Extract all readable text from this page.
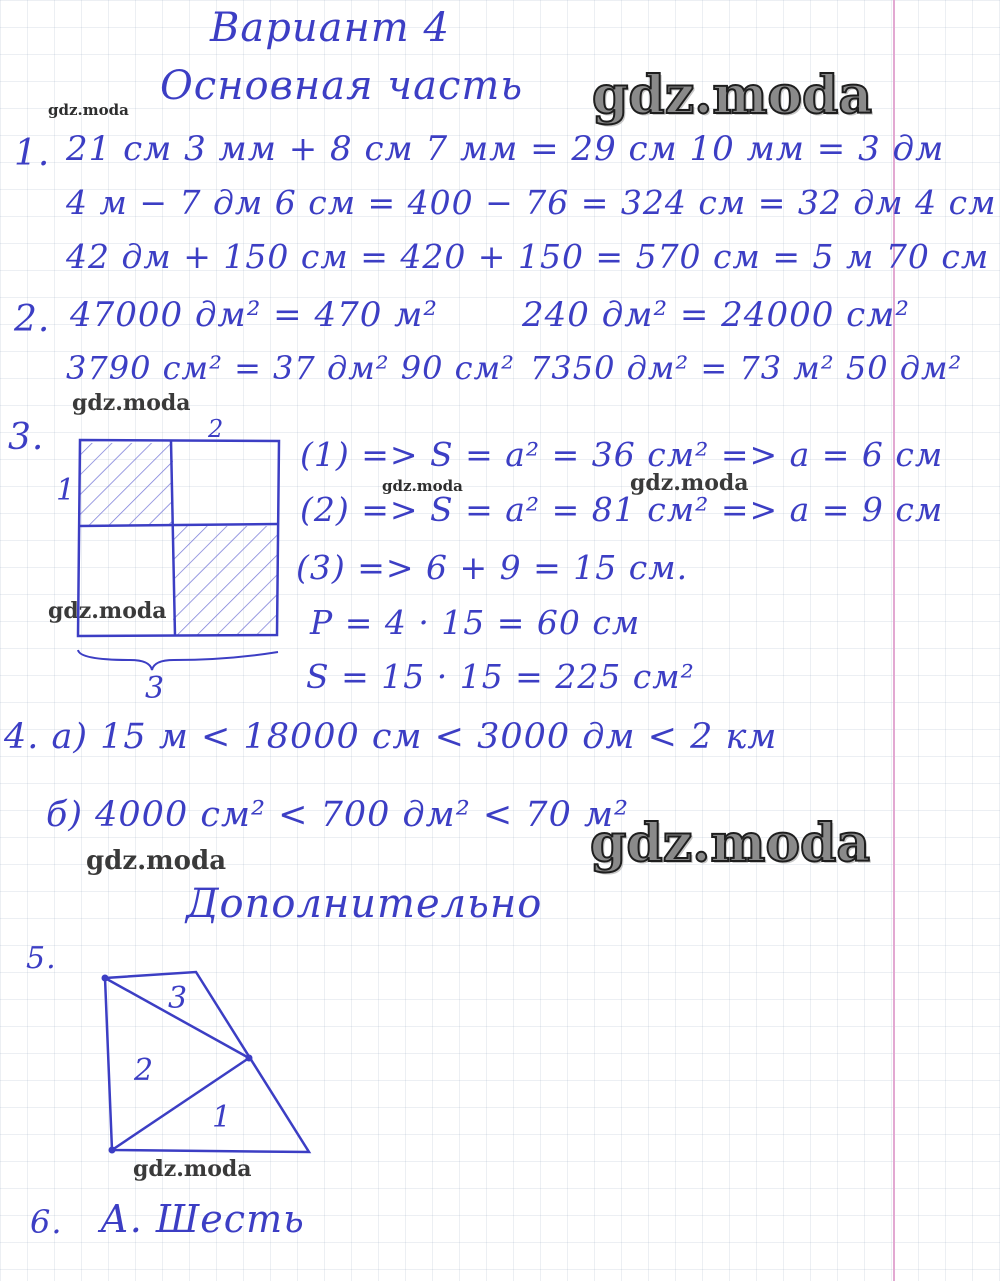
Вариант 4

Основная часть gdz.moda

gdz.moda

gdz.moda

gdz.moda	gdz.moda

gdz.moda

gdz.moda

gdz.moda

gdz.moda

1. 21 см 3 мм + 8 см 7 мм = 29 см 10 мм = 3 дм

4 м − 7 дм 6 см = 400 − 76 = 324 см = 32 дм 4 см

42 дм + 150 см = 420 + 150 = 570 см = 5 м 70 см

2. 47000 дм² = 470 м² 240 дм² = 24000 см²

3790 см² = 37 дм² 90 см² 7350 дм² = 73 м² 50 дм²

3.

1
2
3

(1) => S = a² = 36 см² => a = 6 см

(2) => S = a² = 81 см² => a = 9 см

(3) => 6 + 9 = 15 см.

P = 4 · 15 = 60 см

S = 15 · 15 = 225 см²

4. а) 15 м < 18000 см < 3000 дм < 2 км

б) 4000 см² < 700 дм² < 70 м²

Дополнительно

5.

1
2
3

6. А. Шесть
